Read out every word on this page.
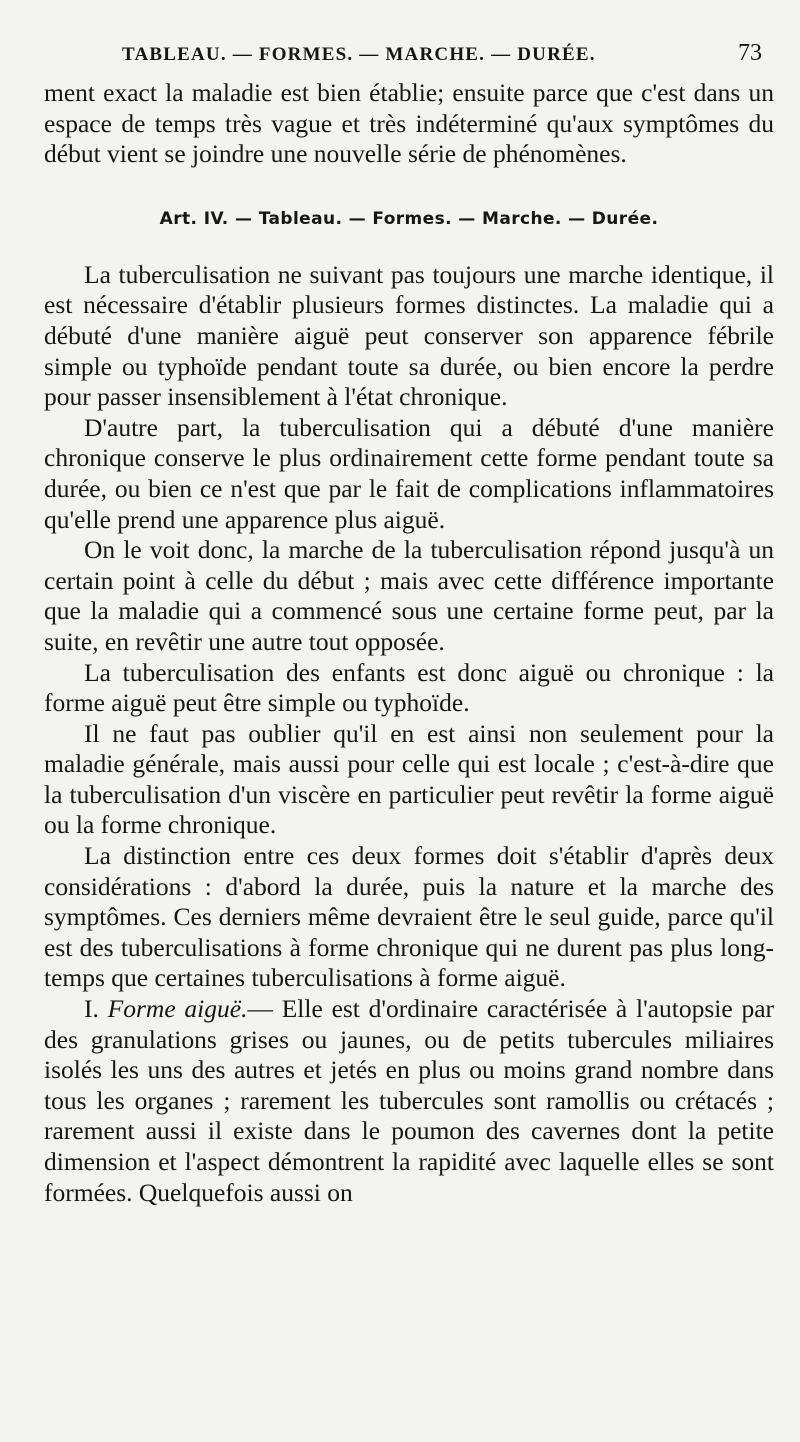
TABLEAU. — FORMES. — MARCHE. — DURÉE.	73

ment exact la maladie est bien établie; ensuite parce que c'est dans un espace de temps très vague et très indéterminé qu'aux symptômes du début vient se joindre une nouvelle série de phénomènes.

Art. IV. — Tableau. — Formes. — Marche. — Durée.

La tuberculisation ne suivant pas toujours une marche identique, il est nécessaire d'établir plusieurs formes distinctes. La maladie qui a débuté d'une manière aiguë peut conserver son apparence fébrile simple ou typhoïde pendant toute sa durée, ou bien encore la perdre pour passer insensiblement à l'état chronique.

D'autre part, la tuberculisation qui a débuté d'une manière chronique conserve le plus ordinairement cette forme pendant toute sa durée, ou bien ce n'est que par le fait de complications inflammatoires qu'elle prend une apparence plus aiguë.

On le voit donc, la marche de la tuberculisation répond jusqu'à un certain point à celle du début ; mais avec cette différence importante que la maladie qui a commencé sous une certaine forme peut, par la suite, en revêtir une autre tout opposée.

La tuberculisation des enfants est donc aiguë ou chronique : la forme aiguë peut être simple ou typhoïde.

Il ne faut pas oublier qu'il en est ainsi non seulement pour la maladie générale, mais aussi pour celle qui est locale ; c'est-à-dire que la tuberculisation d'un viscère en particulier peut revêtir la forme aiguë ou la forme chronique.

La distinction entre ces deux formes doit s'établir d'après deux considérations : d'abord la durée, puis la nature et la marche des symptômes. Ces derniers même devraient être le seul guide, parce qu'il est des tuberculisations à forme chronique qui ne durent pas plus long-temps que certaines tuberculisations à forme aiguë.

I. Forme aiguë.— Elle est d'ordinaire caractérisée à l'autopsie par des granulations grises ou jaunes, ou de petits tubercules miliaires isolés les uns des autres et jetés en plus ou moins grand nombre dans tous les organes ; rarement les tubercules sont ramollis ou crétacés ; rarement aussi il existe dans le poumon des cavernes dont la petite dimension et l'aspect démontrent la rapidité avec laquelle elles se sont formées. Quelquefois aussi on
